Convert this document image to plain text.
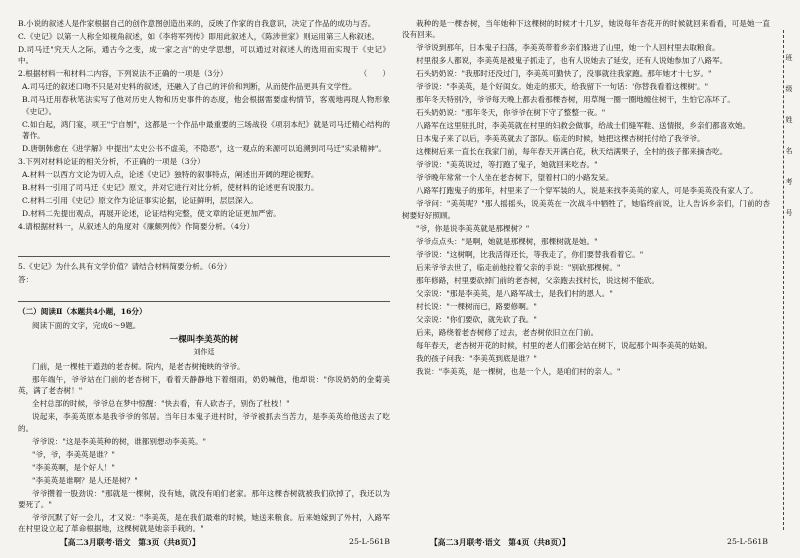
B.小说的叙述人是作家根据自己的创作意图创造出来的，反映了作家的自我意识，决定了作品的成功与否。

C.《史记》以第一人称全知视角叙述，如《李将军列传》即用此叙述人，《陈涉世家》则运用第三人称叙述。

D.司马迁"究天人之际，通古今之变，成一家之言"的史学思想，可以通过对叙述人的选用而实现于《史记》中。

2.根据材料一和材料二内容，下列说法不正确的一项是（3分）	（　　）

A.司马迁的叙述口吻不只是对史料的叙述，还融入了自己的评价和判断，从而使作品更具有文学性。

B.司马迁用春秋笔法实写了他对历史人物和历史事件的态度，他会根据需要虚构情节，客观地再现人物形象《史记》。

C.如白起，鸿门宴，项王"宁自刎"，这都是一个作品中最重要的三场战役《项羽本纪》就是司马迁精心结构的著作。

D.唐朝韩愈在《进学解》中提出"太史公书不虚美，不隐恶"，这一观点的来源可以追溯到司马迁"实录精神"。

3.下列对材料论证的相关分析，不正确的一项是（3分）

A.材料一以西方文论为切入点，论述《史记》独特的叙事特点，阐述出开阔的理论视野。

B.材料一引用了司马迁《史记》原文，并对它进行对比分析，使材料的论述更有说服力。

C.材料二引用《史记》原文作为论证事实论据，论证鲜明，层层深入。

D.材料二先提出观点，再展开论述，论证结构完整，使文章的论证更加严密。

4.请根据材料一，从叙述人的角度对《廉颇列传》作简要分析。（4分）

5.《史记》为什么具有文学价值？请结合材料简要分析。（6分）

答：

（二）阅读Ⅱ（本题共4小题，16分）

阅读下面的文字，完成6～9题。

一棵叫李美英的树
刘作廷

门前，是一棵桂干遒劲的老杏树。院内，是老杏树掩映的爷爷。

那年端午，爷爷站在门前的老杏树下，看着天静静地下着细雨，奶奶喊他，他却说："你说奶奶的金菊美英，满了老杏树！"

全村总部的时候，爷爷总在梦中惊醒："快去看，有人砍杏子，别伤了杜枝！"

说起来，李美英原本是我爷爷的邻居。当年日本鬼子进村时，爷爷被抓去当苦力，是李美英给他送去了吃的。

爷爷说："这是李美英种的树，谁都别想动李美英。"

"爷，爷，李美英是谁？"

"李美英啊，是个好人！"

"李美英是谁啊？是人还是树？"

爷爷攒着一股劲说："那就是一棵树，没有她，就没有咱们老家。那年这棵杏树就被我们砍掉了，我还以为要死了。"

爷爷沉默了好一会儿，才又说："李美英，是在我们最难的时候，她送来粮食。后来她嫁到了外村，入路军在村里设立起了革命根据地，这棵树就是她亲手栽的。"

栽种的是一棵杏树，当年她种下这棵树的时候才十几岁，她说每年杏花开的时候就回来看看，可是她一直没有回来。

爷爷说到那年，日本鬼子扫荡，李美英带着乡亲们躲进了山里，她一个人回村里去取粮食。

村里很多人都说，李美英是被鬼子抓走了，也有人说她去了延安，还有人说她参加了八路军。

石头奶奶说："我那时还没过门，李美英可勤快了，没事就往我家跑。那年她才十七岁。"

爷爷说："李美英，是个好闺女。她走的那天，给我留下一句话：'你替我看着这棵树'。"

那年冬天特别冷，爷爷每天晚上都去看那棵杏树，用草绳一圈一圈地缠住树干，生怕它冻坏了。

石头奶奶说："那年冬天，你爷爷在树下守了整整一夜。"

八路军在这里驻扎时，李美英就在村里的妇救会做事，给战士们缝军鞋、送情报，乡亲们都喜欢她。

日本鬼子来了以后，李美英就去了部队。临走的时候，她把这棵杏树托付给了我爷爷。

这棵树后来一直长在我家门前，每年春天开满白花，秋天结满果子，全村的孩子都来摘杏吃。

爷爷说："美英说过，等打跑了鬼子，她就回来吃杏。"

爷爷晚年常常一个人坐在老杏树下，望着村口的小路发呆。

八路军打跑鬼子的那年，村里来了一个穿军装的人，说是来找李美英的家人，可是李美英没有家人了。

爷爷问："美英呢？"那人摇摇头，说美英在一次战斗中牺牲了，她临终前说，让人告诉乡亲们，门前的杏树要好好照顾。

"爷，你是说李美英就是那棵树？"

爷爷点点头："是啊，她就是那棵树，那棵树就是她。"

爷爷说："这树啊，比我活得还长，等我走了，你们要替我看着它。"

后来爷爷去世了，临走前他拉着父亲的手说："别砍那棵树。"

那年修路，村里要砍掉门前的老杏树，父亲跑去找村长，说这树不能砍。

父亲说："那是李美英，是八路军战士，是我们村的恩人。"

村长说："一棵树而已，路要修啊。"

父亲说："你们要砍，就先砍了我。"

后来，路绕着老杏树修了过去，老杏树依旧立在门前。

每年春天，老杏树开花的时候，村里的老人们都会站在树下，说起那个叫李美英的姑娘。

我的孩子问我："李美英到底是谁？"

我说："李美英，是一棵树，也是一个人，是咱们村的亲人。"

【高二3月联考·语文　第3页（共8页）】	25-L-561B	【高二3月联考·语文　第4页（共8页）】	25-L-561B
班
级
姓
名
考
号
